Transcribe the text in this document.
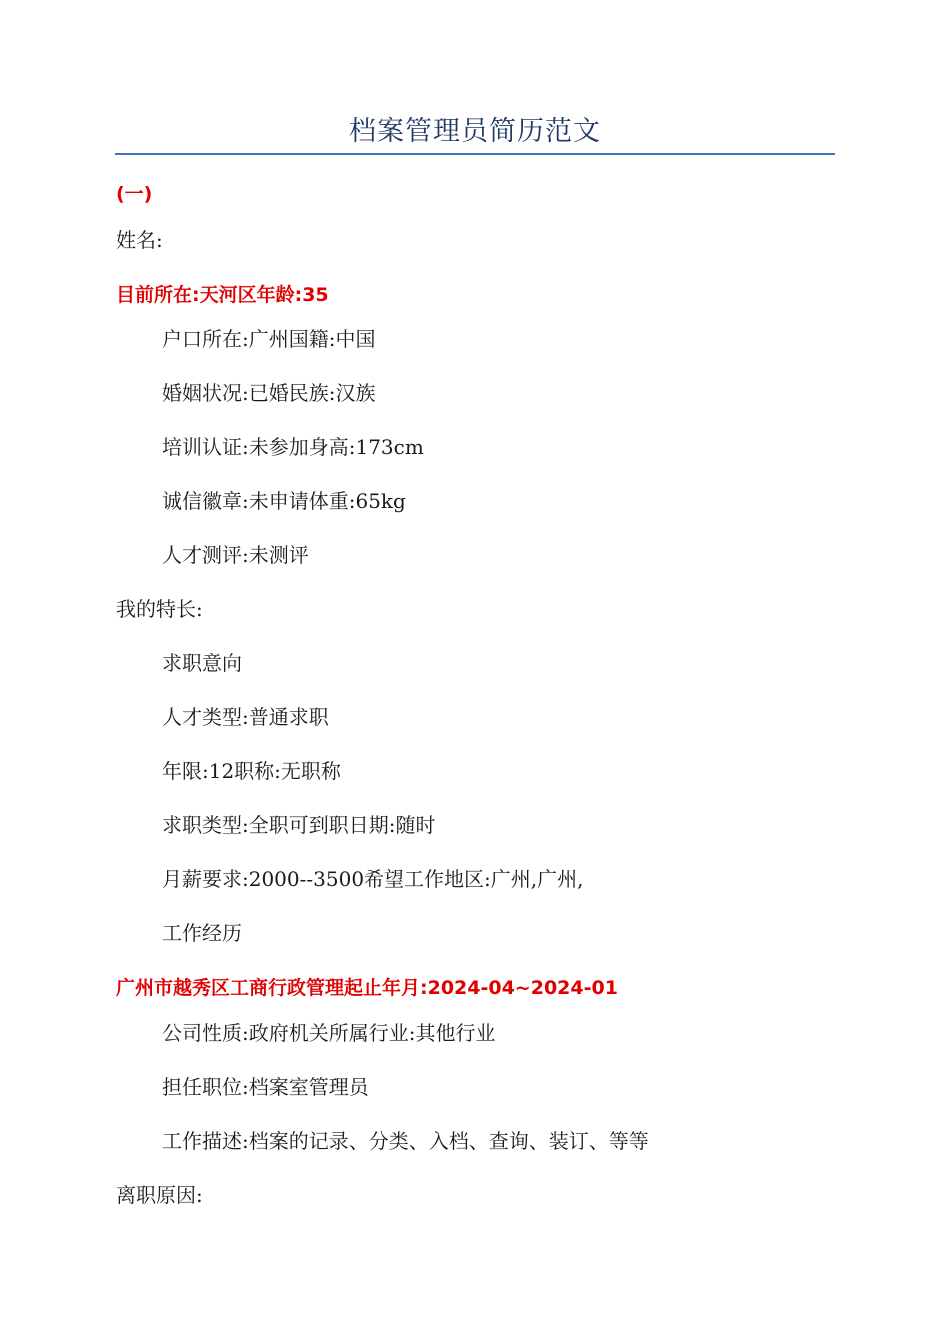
档案管理员简历范文
(一)
姓名:
目前所在:天河区年龄:35
户口所在:广州国籍:中国
婚姻状况:已婚民族:汉族
培训认证:未参加身高:173cm
诚信徽章:未申请体重:65kg
人才测评:未测评
我的特长:
求职意向
人才类型:普通求职
年限:12职称:无职称
求职类型:全职可到职日期:随时
月薪要求:2000--3500希望工作地区:广州,广州,
工作经历
广州市越秀区工商行政管理起止年月:2024-04~2024-01
公司性质:政府机关所属行业:其他行业
担任职位:档案室管理员
工作描述:档案的记录、分类、入档、查询、装订、等等
离职原因:
